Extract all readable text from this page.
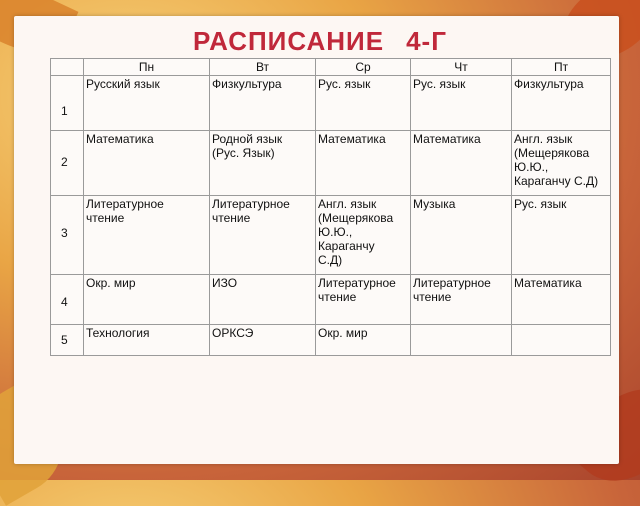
РАСПИСАНИЕ 4-Г

	Пн	Вт	Ср	Чт	Пт

1	Русский язык	Физкультура	Рус. язык	Рус. язык	Физкультура

2	Математика	Родной язык
(Рус. Язык)	Математика	Математика	Англ. язык
(Мещерякова
Ю.Ю.,
Караганчу С.Д)

3	Литературное
чтение	Литературное
чтение	Англ. язык
(Мещерякова
Ю.Ю.,
Караганчу
С.Д)	Музыка	Рус. язык

4	Окр. мир	ИЗО	Литературное
чтение	Литературное
чтение	Математика

5	Технология	ОРКСЭ	Окр. мир		
